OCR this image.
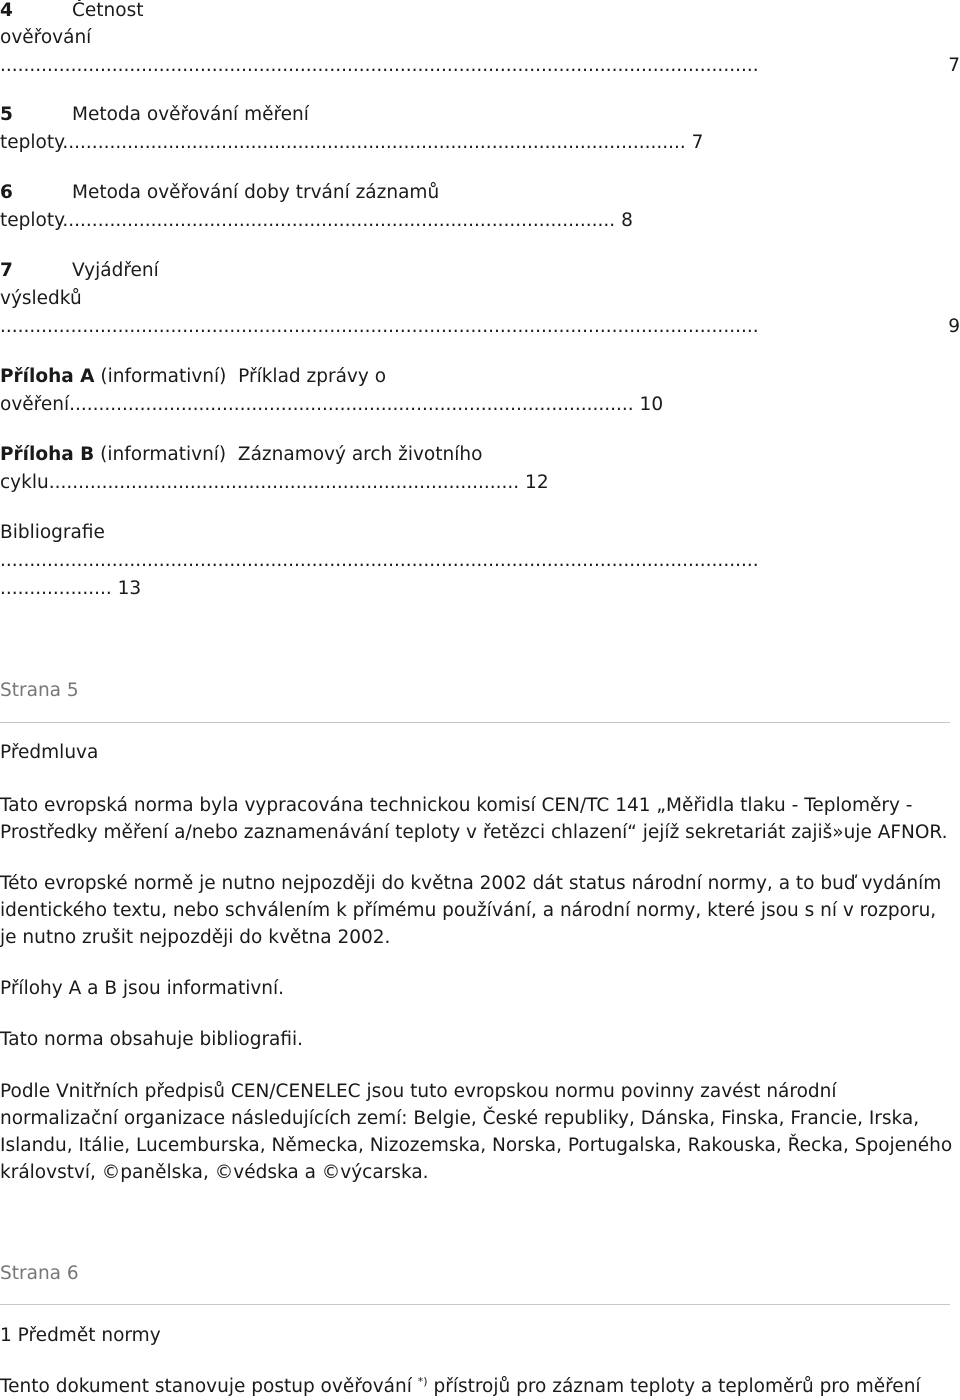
4	Četnost
ověřování
.................................................................................................................................	7
5	Metoda ověřování měření
teploty.......................................................................................................... 7
6	Metoda ověřování doby trvání záznamů
teploty.............................................................................................. 8
7	Vyjádření
výsledků
.................................................................................................................................	9
Příloha A (informativní) Příklad zprávy o
ověření................................................................................................ 10
Příloha B (informativní) Záznamový arch životního
cyklu................................................................................ 12
Bibliografie
.................................................................................................................................
................... 13
Strana 5
Předmluva
Tato evropská norma byla vypracována technickou komisí CEN/TC 141 „Měřidla tlaku - Teploměry -
Prostředky měření a/nebo zaznamenávání teploty v řetězci chlazení“ jejíž sekretariát zajiš»uje AFNOR.
Této evropské normě je nutno nejpozději do května 2002 dát status národní normy, a to buď vydáním
identického textu, nebo schválením k přímému používání, a národní normy, které jsou s ní v rozporu,
je nutno zrušit nejpozději do května 2002.
Přílohy A a B jsou informativní.
Tato norma obsahuje bibliografii.
Podle Vnitřních předpisů CEN/CENELEC jsou tuto evropskou normu povinny zavést národní
normalizační organizace následujících zemí: Belgie, České republiky, Dánska, Finska, Francie, Irska,
Islandu, Itálie, Lucemburska, Německa, Nizozemska, Norska, Portugalska, Rakouska, Řecka, Spojeného
království, ©panělska, ©védska a ©výcarska.
Strana 6
1 Předmět normy
Tento dokument stanovuje postup ověřování *) přístrojů pro záznam teploty a teploměrů pro měření
